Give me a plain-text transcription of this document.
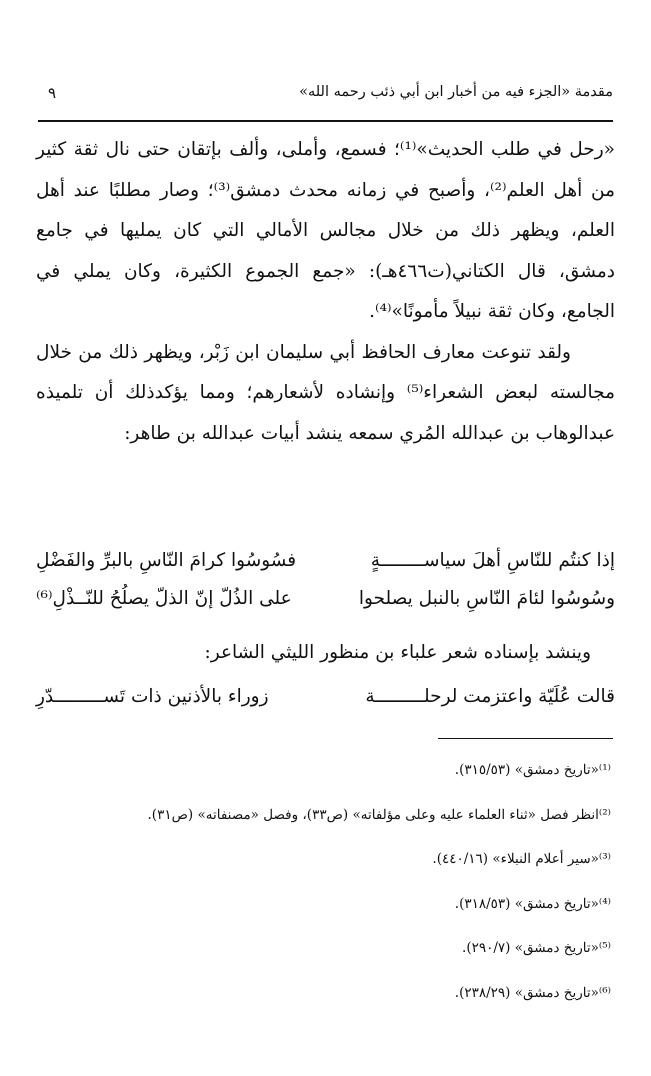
مقدمة «الجزء فيه من أخبار ابن أبي ذئب رحمه الله»
٩

«رحل في طلب الحديث»⁽¹⁾؛ فسمع، وأملى، وألف بإتقان حتى نال ثقة كثير من أهل العلم⁽²⁾، وأصبح في زمانه محدث دمشق⁽³⁾؛ وصار مطلبًا عند أهل العلم، ويظهر ذلك من خلال مجالس الأمالي التي كان يمليها في جامع دمشق، قال الكتاني(ت٤٦٦هـ): «جمع الجموع الكثيرة، وكان يملي في الجامع، وكان ثقة نبيلاً مأمونًا»⁽⁴⁾.

ولقد تنوعت معارف الحافظ أبي سليمان ابن زَبْر، ويظهر ذلك من خلال مجالسته لبعض الشعراء⁽⁵⁾ وإنشاده لأشعارهم؛ ومما يؤكدذلك أن تلميذه عبدالوهاب بن عبدالله المُري سمعه ينشد أبيات عبدالله بن طاهر:

إذا كنتُم للنّاسِ أهلَ سياســــــــةٍ
فسُوسُوا كرامَ النّاسِ بالبرِّ والفَضْلِ
وسُوسُوا لئامَ النّاسِ بالنبل يصلحوا
على الذُلّ إنّ الذلّ يصلُحُ للنّــذْلِ⁽⁶⁾
وينشد بإسناده شعر علباء بن منظور الليثي الشاعر:
قالت عُلَيّة واعتزمت لرحلـــــــــة
زوراء بالأذنين ذات تَســـــــــدّرِ
⁽¹⁾«تاريخ دمشق» (٣١٥/٥٣).
⁽²⁾انظر فصل «ثناء العلماء عليه وعلى مؤلفاته» (ص٣٣)، وفصل «مصنفاته» (ص٣١).
⁽³⁾«سير أعلام النبلاء» (٤٤٠/١٦).
⁽⁴⁾«تاريخ دمشق» (٣١٨/٥٣).
⁽⁵⁾«تاريخ دمشق» (٢٩٠/٧).
⁽⁶⁾«تاريخ دمشق» (٢٣٨/٢٩).
